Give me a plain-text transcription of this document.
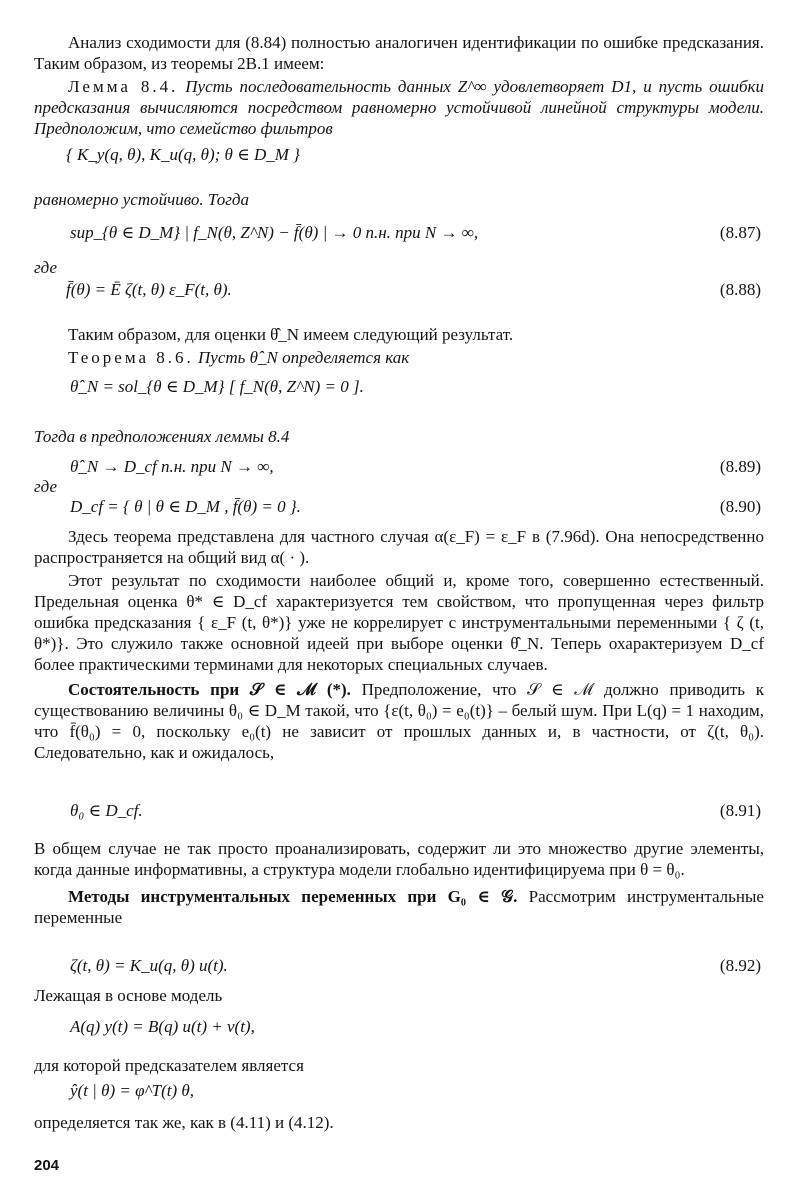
Анализ сходимости для (8.84) полностью аналогичен идентификации по ошибке предсказания. Таким образом, из теоремы 2В.1 имеем:

Лемма 8.4. Пусть последовательность данных Z^∞ удовлетворяет D1, и пусть ошибки предсказания вычисляются посредством равномерно устойчивой линейной структуры модели. Предположим, что семейство фильтров

{ K_y(q, θ), K_u(q, θ); θ ∈ D_M }
равномерно устойчиво. Тогда
sup_{θ ∈ D_M} | f_N(θ, Z^N) − f̄(θ) | → 0 п.н. при N → ∞,	(8.87)
где
f̄(θ) = Ē ζ(t, θ) ε_F(t, θ).	(8.88)

Таким образом, для оценки θ̂_N имеем следующий результат.

Теорема 8.6. Пусть θ̂_N определяется как

θ̂_N = sol_{θ ∈ D_M} [ f_N(θ, Z^N) = 0 ].
Тогда в предположениях леммы 8.4
θ̂_N → D_cf п.н. при N → ∞,	(8.89)
где
D_cf = { θ | θ ∈ D_M , f̄(θ) = 0 }.	(8.90)

Здесь теорема представлена для частного случая α(ε_F) = ε_F в (7.96d). Она непосредственно распространяется на общий вид α( · ).

Этот результат по сходимости наиболее общий и, кроме того, совершенно естественный. Предельная оценка θ* ∈ D_cf характеризуется тем свойством, что пропущенная через фильтр ошибка предсказания { ε_F (t, θ*)} уже не коррелирует с инструментальными переменными { ζ (t, θ*)}. Это служило также основной идеей при выборе оценки θ̂_N. Теперь охарактеризуем D_cf более практическими терминами для некоторых специальных случаев.

Состоятельность при 𝒮 ∈ ℳ (*). Предположение, что 𝒮 ∈ ℳ должно приводить к существованию величины θ₀ ∈ D_M такой, что {ε(t, θ₀) = e₀(t)} – белый шум. При L(q) = 1 находим, что f̄(θ₀) = 0, поскольку e₀(t) не зависит от прошлых данных и, в частности, от ζ(t, θ₀). Следовательно, как и ожидалось,

θ₀ ∈ D_cf.	(8.91)

В общем случае не так просто проанализировать, содержит ли это множество другие элементы, когда данные информативны, а структура модели глобально идентифицируема при θ = θ₀.

Методы инструментальных переменных при G₀ ∈ 𝒢. Рассмотрим инструментальные переменные

ζ(t, θ) = K_u(q, θ) u(t).	(8.92)
Лежащая в основе модель
A(q) y(t) = B(q) u(t) + v(t),
для которой предсказателем является
ŷ(t | θ) = φ^T(t) θ,
определяется так же, как в (4.11) и (4.12).
204
